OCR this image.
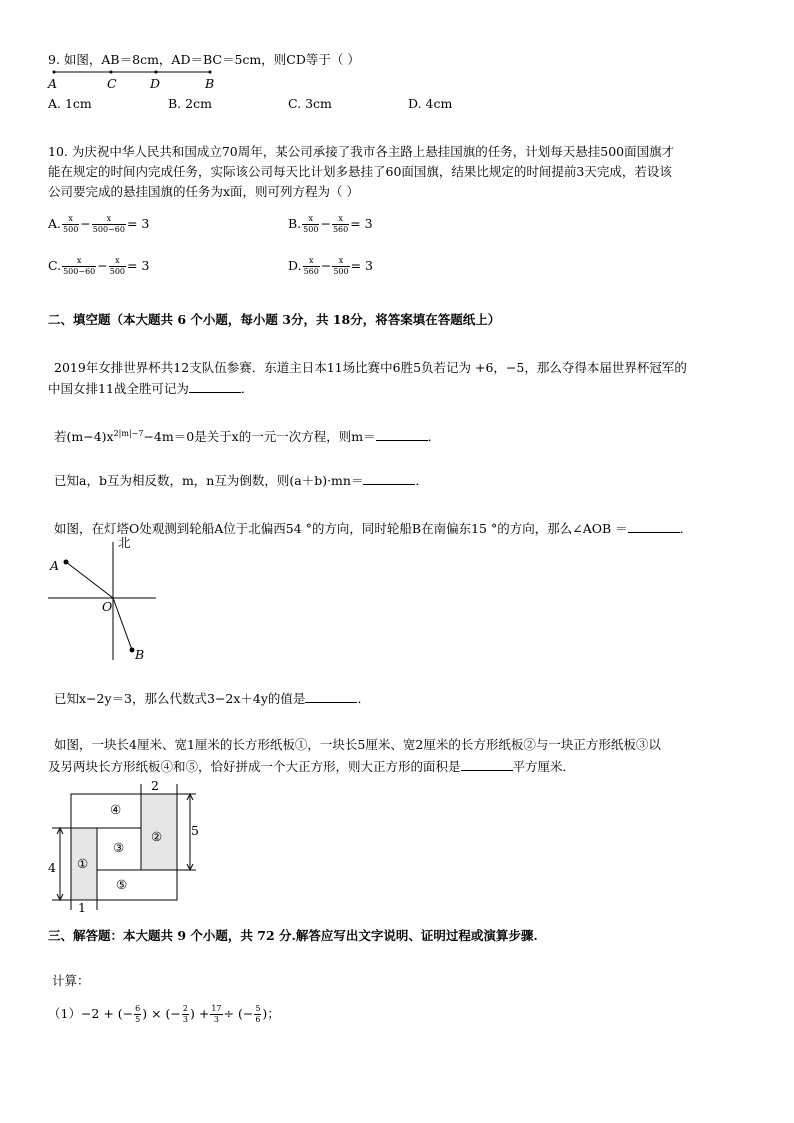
9. 如图，AB＝8cm，AD＝BC＝5cm，则CD等于（ ）
A	C	D	B
A. 1cm	B. 2cm	C. 3cm	D. 4cm
10. 为庆祝中华人民共和国成立70周年，某公司承接了我市各主路上悬挂国旗的任务，计划每天悬挂500面国旗才
能在规定的时间内完成任务，实际该公司每天比计划多悬挂了60面国旗，结果比规定的时间提前3天完成，若设该
公司要完成的悬挂国旗的任务为x面，则可列方程为（ ）
A. $\frac{x}{500} - \frac{x}{500-60} = 3$	B. $\frac{x}{500} - \frac{x}{560} = 3$
C. $\frac{x}{500-60} - \frac{x}{500} = 3$	D. $\frac{x}{560} - \frac{x}{500} = 3$
二、填空题（本大题共 6 个小题，每小题 3分，共 18分，将答案填在答题纸上）
2019年女排世界杯共12支队伍参赛．东道主日本11场比赛中6胜5负若记为 +6，−5，那么夺得本届世界杯冠军的
中国女排11战全胜可记为	．
若$(m-4)x^{2|m|-7}-4m=0$是关于x的一元一次方程，则m＝	．
已知a，b互为相反数，m，n互为倒数，则(a＋b)·mn＝	．
如图，在灯塔O处观测到轮船A位于北偏西54 °的方向，同时轮船B在南偏东15 °的方向，那么∠AOB ＝	．
北
A
O
B
已知x−2y＝3，那么代数式3−2x＋4y的值是	．
如图，一块长4厘米、宽1厘米的长方形纸板①，一块长5厘米、宽2厘米的长方形纸板②与一块正方形纸板③以
及另两块长方形纸板④和⑤，恰好拼成一个大正方形，则大正方形的面积是	平方厘米．
④
②
③
①
⑤
2
5
4
1
三、解答题：本大题共 9 个小题，共 72 分.解答应写出文字说明、证明过程或演算步骤.
计算：
（1）−2 + (− $\frac{6}{5}$ ) × (− $\frac{2}{3}$ ) + $\frac{17}{3}$ ÷ (− $\frac{5}{6}$ )；
